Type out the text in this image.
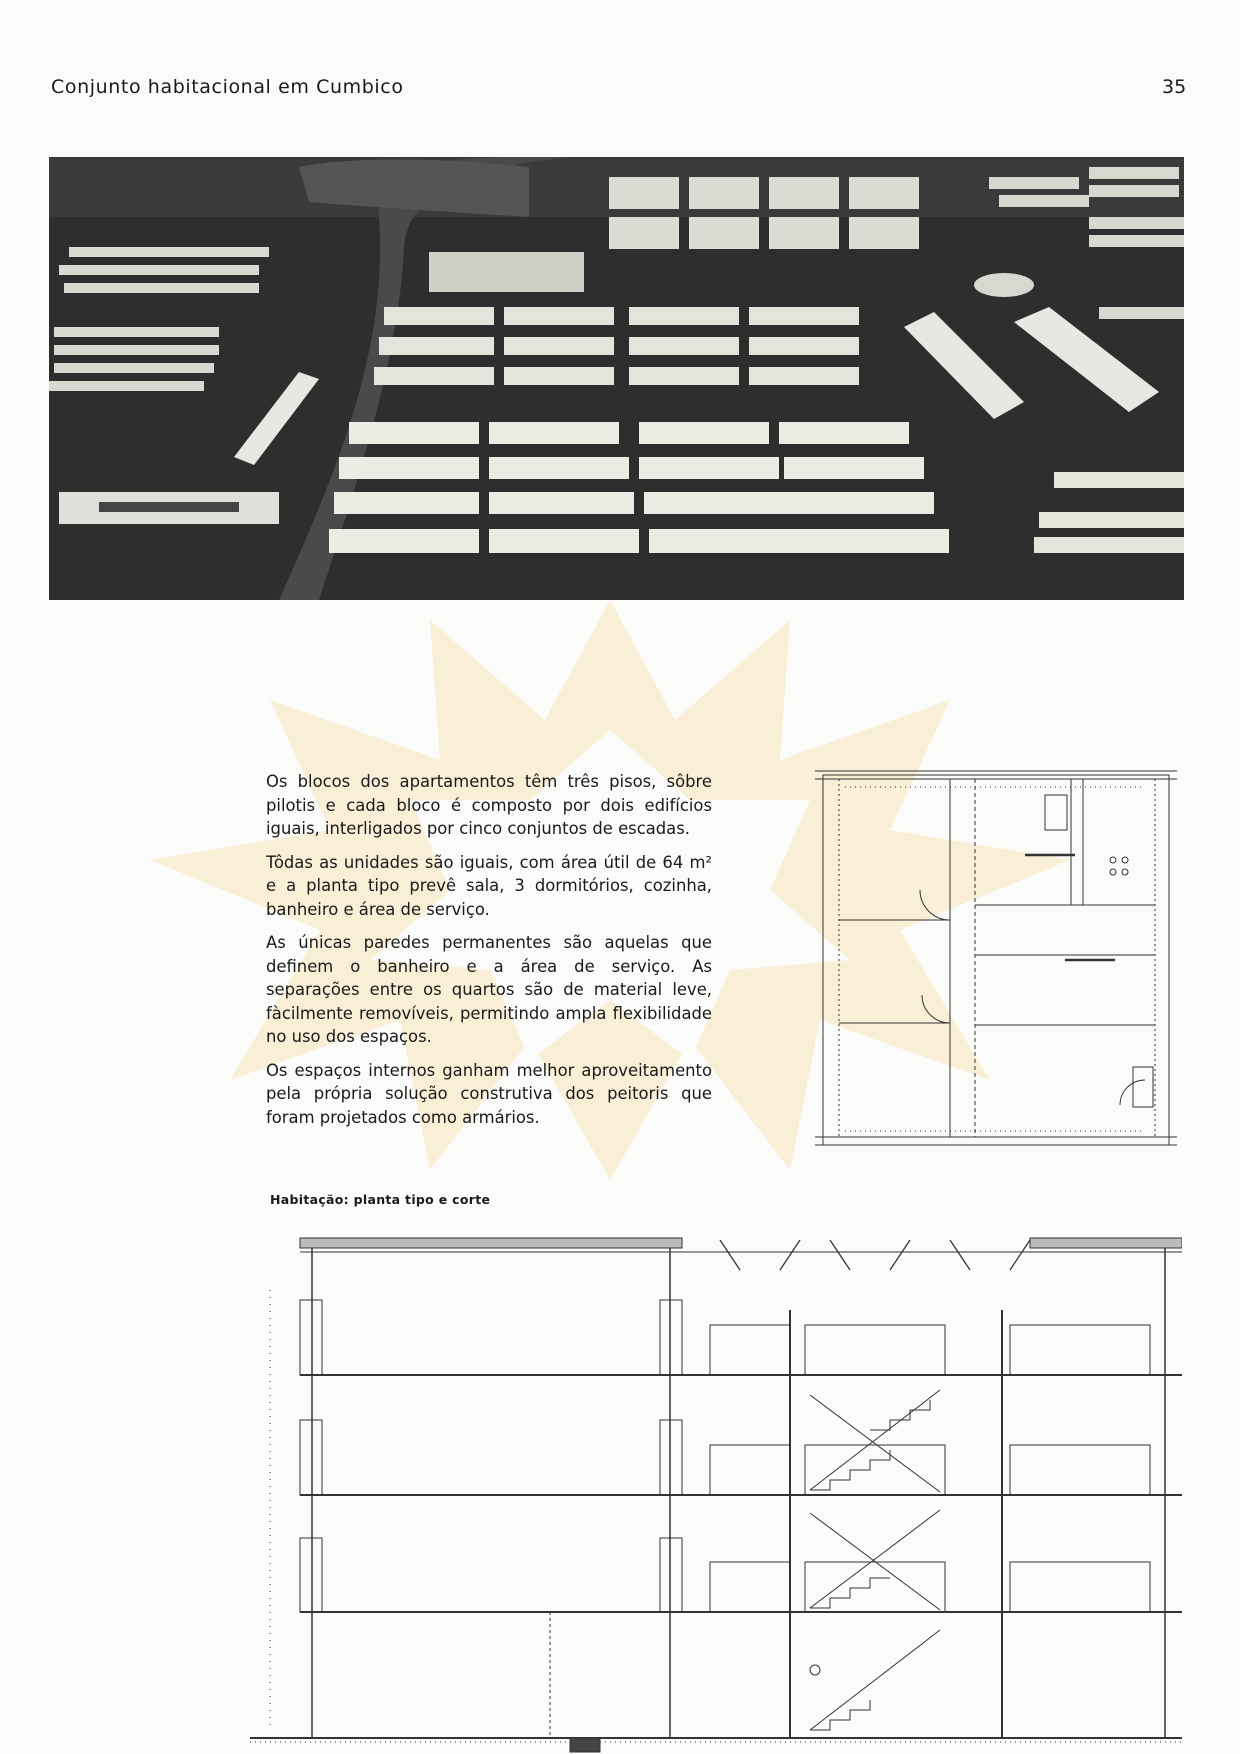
Conjunto habitacional em Cumbico	35

Os blocos dos apartamentos têm três pisos, sôbre pilotis e cada bloco é composto por dois edifícios iguais, interligados por cinco conjuntos de escadas.

Tôdas as unidades são iguais, com área útil de 64 m² e a planta tipo prevê sala, 3 dormitórios, cozinha, banheiro e área de serviço.

As únicas paredes permanentes são aquelas que definem o banheiro e a área de serviço. As separações entre os quartos são de material leve, fàcilmente removíveis, permitindo ampla flexibilidade no uso dos espaços.

Os espaços internos ganham melhor aproveitamento pela própria solução construtiva dos peitoris que foram projetados como armários.

Habitação: planta tipo e corte
